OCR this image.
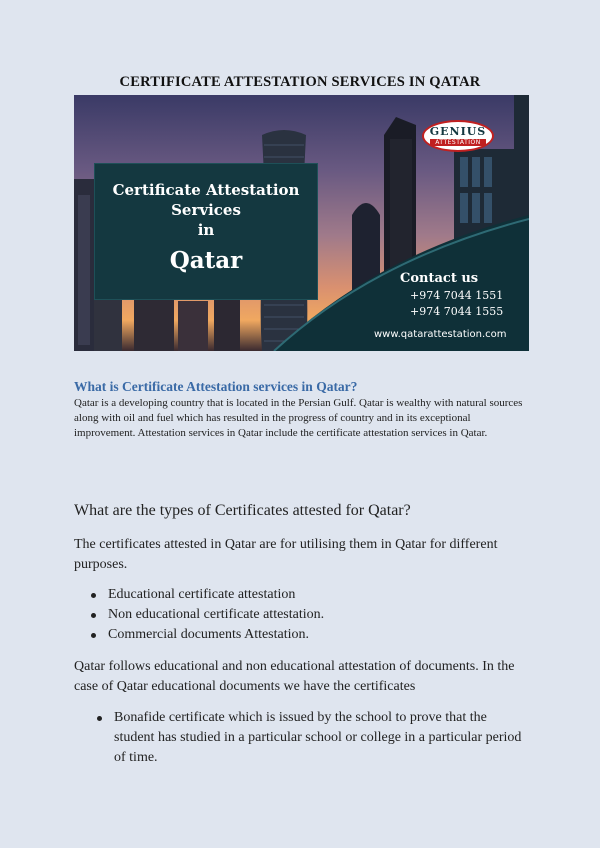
CERTIFICATE ATTESTATION SERVICES IN QATAR
Certificate Attestation
Services
in
Qatar
GENIUS
ATTESTATION
Contact us
+974 7044 1551
+974 7044 1555
www.qatarattestation.com
What is Certificate Attestation services in Qatar?

Qatar is a developing country that is located in the Persian Gulf. Qatar is wealthy with natural sources along with oil and fuel which has resulted in the progress of country and in its exceptional improvement. Attestation services in Qatar include the certificate attestation services in Qatar.

What are the types of Certificates attested for Qatar?

The certificates attested in Qatar are for utilising them in Qatar for different purposes.

Educational certificate attestation
Non educational certificate attestation.
Commercial documents Attestation.

Qatar follows educational and non educational attestation of documents. In the case of Qatar educational documents we have the certificates

Bonafide certificate which is issued by the school to prove that the student has studied in a particular school or college in a particular period of time.
